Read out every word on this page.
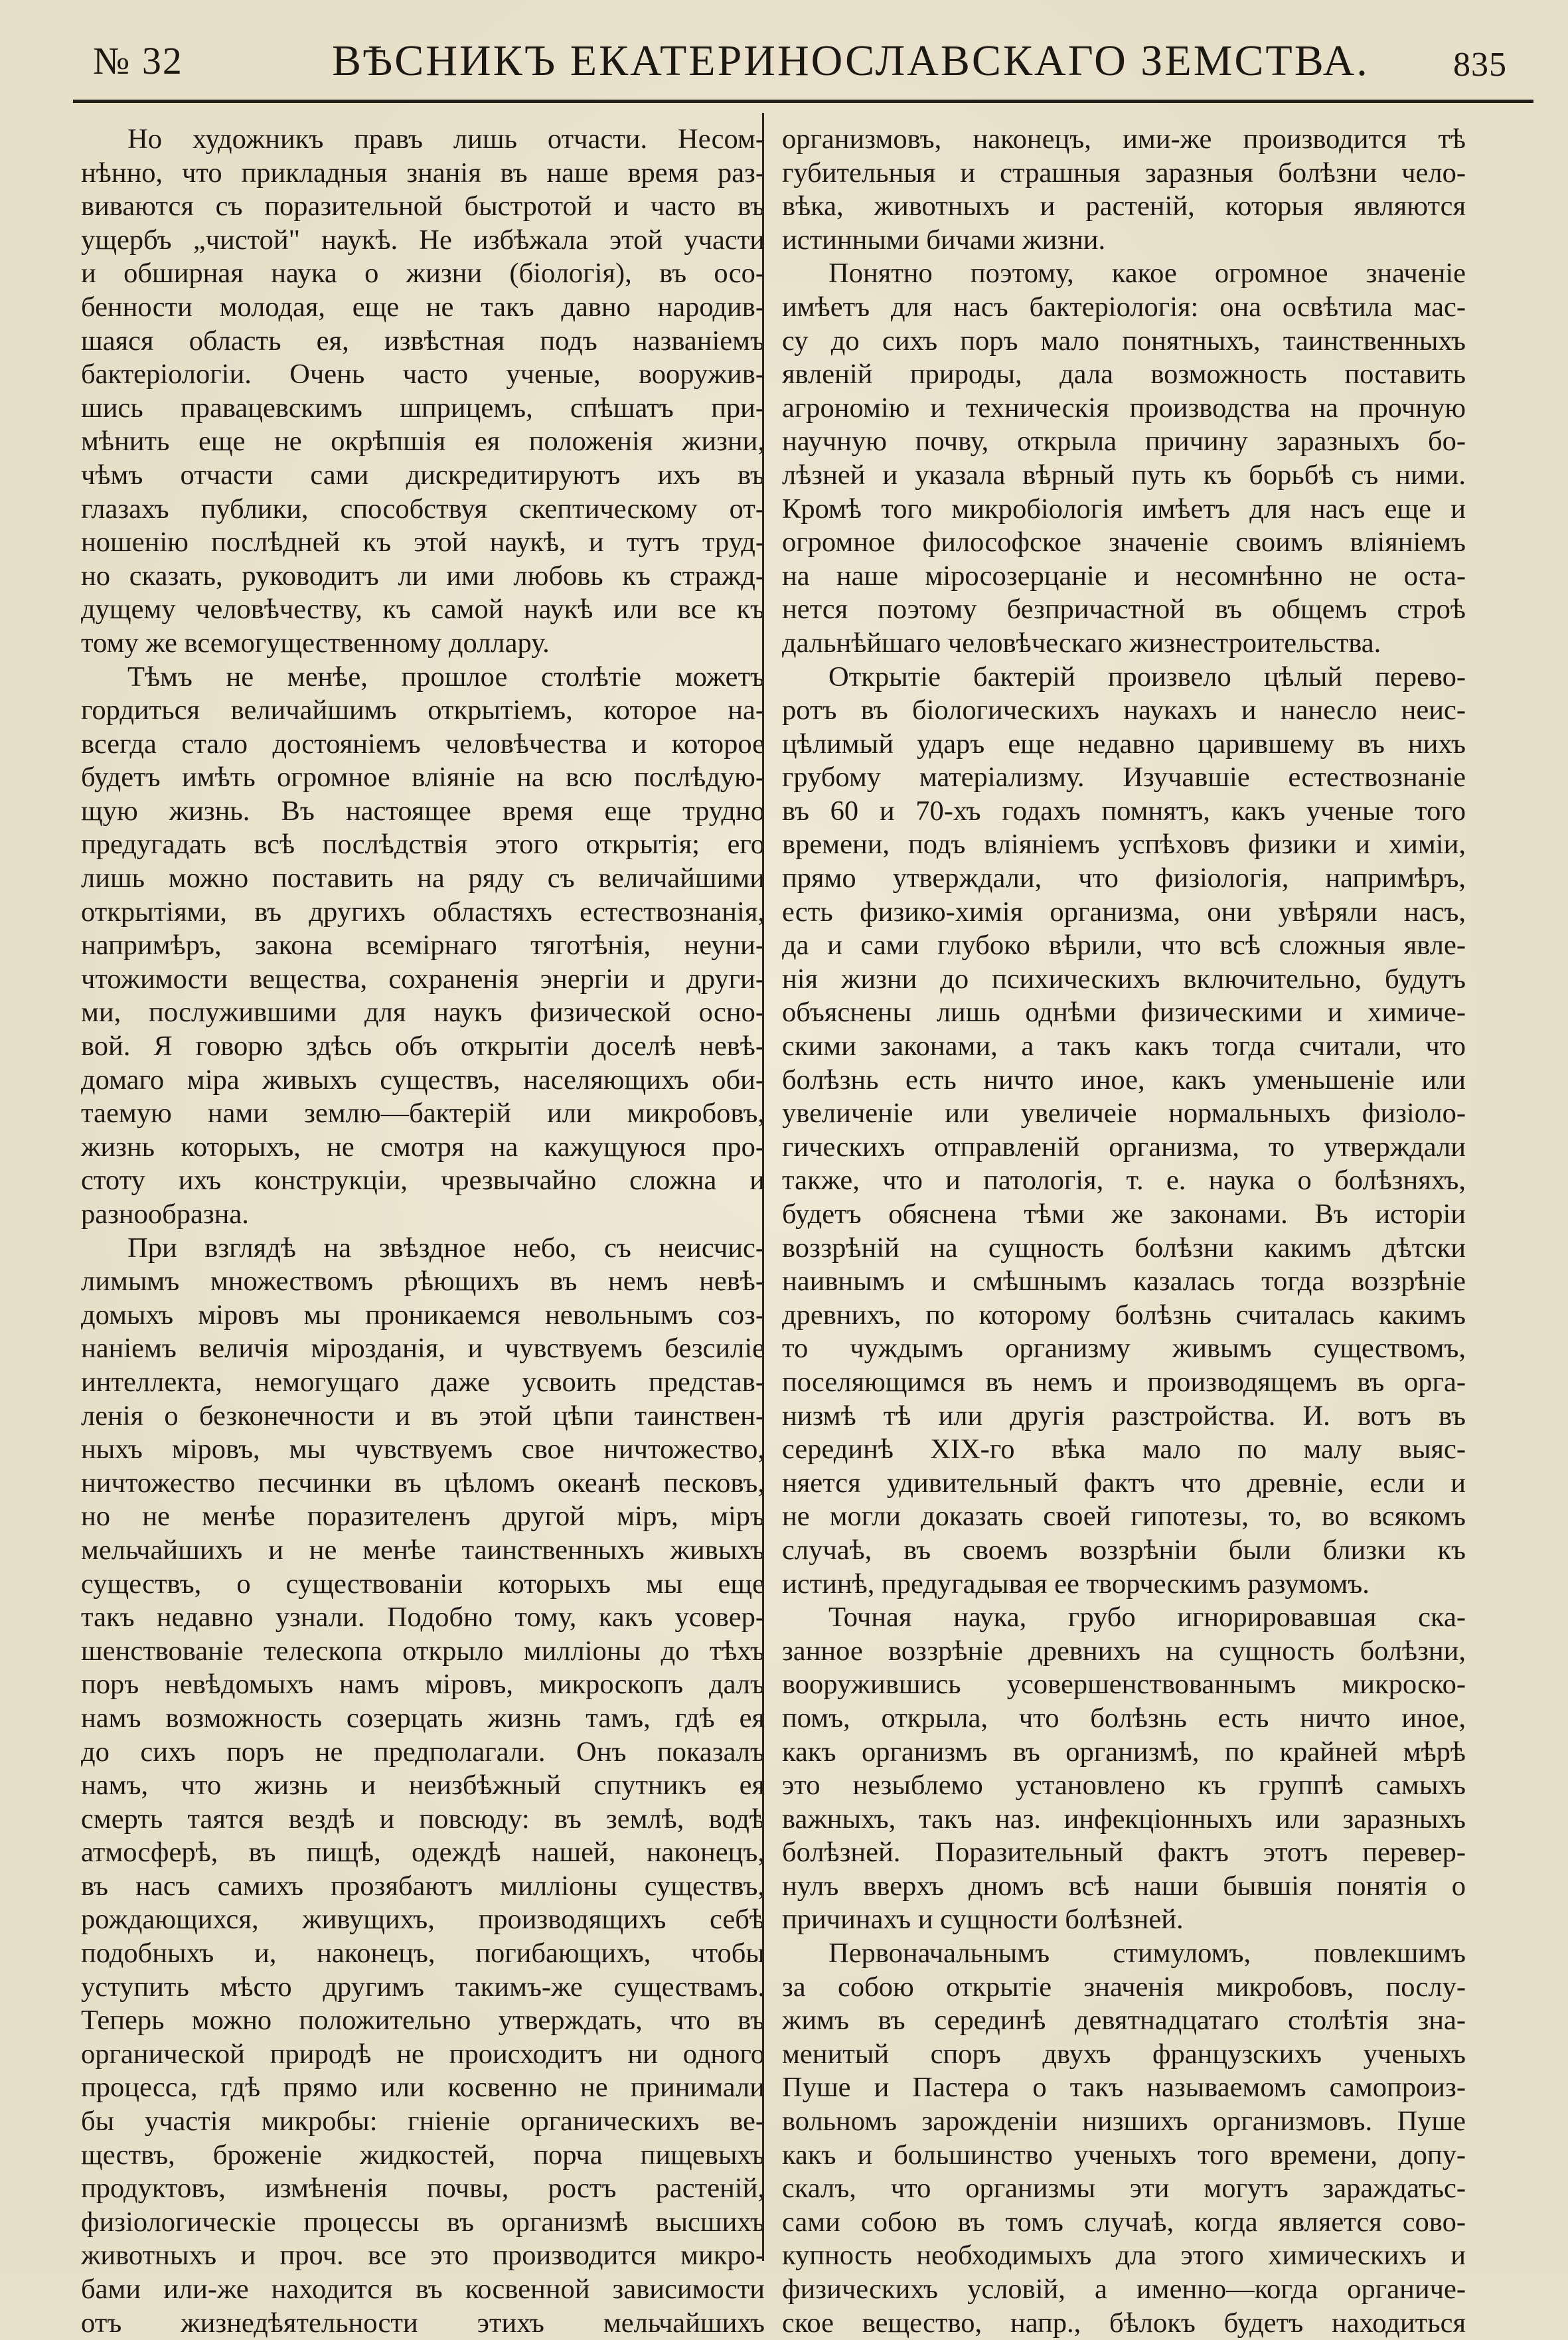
№ 32	ВѢСНИКЪ ЕКАТЕРИНОСЛАВСКАГО ЗЕМСТВА. 835
Но художникъ правъ лишь отчасти. Несом-
нѣнно, что прикладныя знанія въ наше время раз-
виваются съ поразительной быстротой и часто въ
ущербъ „чистой" наукѣ. Не избѣжала этой участи
и обширная наука о жизни (біологія), въ осо-
бенности молодая, еще не такъ давно народив-
шаяся область ея, извѣстная подъ названіемъ
бактеріологіи. Очень часто ученые, вооружив-
шись правацевскимъ шприцемъ, спѣшатъ при-
мѣнить еще не окрѣпшія ея положенія жизни,
чѣмъ отчасти сами дискредитируютъ ихъ въ
глазахъ публики, способствуя скептическому от-
ношенію послѣдней къ этой наукѣ, и тутъ труд-
но сказать, руководитъ ли ими любовь къ стражд-
дущему человѣчеству, къ самой наукѣ или все къ
тому же всемогущественному доллару.
Тѣмъ не менѣе, прошлое столѣтіе можетъ
гордиться величайшимъ открытіемъ, которое на-
всегда стало достояніемъ человѣчества и которое
будетъ имѣть огромное вліяніе на всю послѣдую-
щую жизнь. Въ настоящее время еще трудно
предугадать всѣ послѣдствія этого открытія; его
лишь можно поставить на ряду съ величайшими
открытіями, въ другихъ областяхъ естествознанія,
напримѣръ, закона всемірнаго тяготѣнія, неуни-
чтожимости вещества, сохраненія энергіи и други-
ми, послужившими для наукъ физической осно-
вой. Я говорю здѣсь объ открытіи доселѣ невѣ-
домаго міра живыхъ существъ, населяющихъ оби-
таемую нами землю—бактерій или микробовъ,
жизнь которыхъ, не смотря на кажущуюся про-
стоту ихъ конструкціи, чрезвычайно сложна и
разнообразна.
При взглядѣ на звѣздное небо, съ неисчис-
лимымъ множествомъ рѣющихъ въ немъ невѣ-
домыхъ міровъ мы проникаемся невольнымъ соз-
наніемъ величія мірозданія, и чувствуемъ безсиліе
интеллекта, немогущаго даже усвоить представ-
ленія о безконечности и въ этой цѣпи таинствен-
ныхъ міровъ, мы чувствуемъ свое ничтожество,
ничтожество песчинки въ цѣломъ океанѣ песковъ,
но не менѣе поразителенъ другой міръ, міръ
мельчайшихъ и не менѣе таинственныхъ живыхъ
существъ, о существованіи которыхъ мы еще
такъ недавно узнали. Подобно тому, какъ усовер-
шенствованіе телескопа открыло милліоны до тѣхъ
поръ невѣдомыхъ намъ міровъ, микроскопъ далъ
намъ возможность созерцать жизнь тамъ, гдѣ ея
до сихъ поръ не предполагали. Онъ показалъ
намъ, что жизнь и неизбѣжный спутникъ ея
смерть таятся вездѣ и повсюду: въ землѣ, водѣ
атмосферѣ, въ пищѣ, одеждѣ нашей, наконецъ,
въ насъ самихъ прозябаютъ милліоны существъ,
рождающихся, живущихъ, производящихъ себѣ
подобныхъ и, наконецъ, погибающихъ, чтобы
уступить мѣсто другимъ такимъ-же существамъ.
Теперь можно положительно утверждать, что въ
органической природѣ не происходитъ ни одного
процесса, гдѣ прямо или косвенно не принимали
бы участія микробы: гніеніе органическихъ ве-
ществъ, броженіе жидкостей, порча пищевыхъ
продуктовъ, измѣненія почвы, ростъ растеній,
физіологическіе процессы въ организмѣ высшихъ
животныхъ и проч. все это производится микро-
бами или-же находится въ косвенной зависимости
отъ жизнедѣятельности этихъ мельчайшихъ
организмовъ, наконецъ, ими-же производится тѣ
губительныя и страшныя заразныя болѣзни чело-
вѣка, животныхъ и растеній, которыя являются
истинными бичами жизни.
Понятно поэтому, какое огромное значеніе
имѣетъ для насъ бактеріологія: она освѣтила мас-
су до сихъ поръ мало понятныхъ, таинственныхъ
явленій природы, дала возможность поставить
агрономію и техническія производства на прочную
научную почву, открыла причину заразныхъ бо-
лѣзней и указала вѣрный путь къ борьбѣ съ ними.
Кромѣ того микробіологія имѣетъ для насъ еще и
огромное философское значеніе своимъ вліяніемъ
на наше міросозерцаніе и несомнѣнно не оста-
нется поэтому безпричастной въ общемъ строѣ
дальнѣйшаго человѣческаго жизнестроительства.
Открытіе бактерій произвело цѣлый перево-
ротъ въ біологическихъ наукахъ и нанесло неис-
цѣлимый ударъ еще недавно царившему въ нихъ
грубому матеріализму. Изучавшіе естествознаніе
въ 60 и 70-хъ годахъ помнятъ, какъ ученые того
времени, подъ вліяніемъ успѣховъ физики и химіи,
прямо утверждали, что физіологія, напримѣръ,
есть физико-химія организма, они увѣряли насъ,
да и сами глубоко вѣрили, что всѣ сложныя явле-
нія жизни до психическихъ включительно, будутъ
объяснены лишь однѣми физическими и химиче-
скими законами, а такъ какъ тогда считали, что
болѣзнь есть ничто иное, какъ уменьшеніе или
увеличеніе или увеличеіе нормальныхъ физіоло-
гическихъ отправленій организма, то утверждали
также, что и патологія, т. е. наука о болѣзняхъ,
будетъ обяснена тѣми же законами. Въ исторіи
воззрѣній на сущность болѣзни какимъ дѣтски
наивнымъ и смѣшнымъ казалась тогда воззрѣніе
древнихъ, по которому болѣзнь считалась какимъ
то чуждымъ организму живымъ существомъ,
поселяющимся въ немъ и производящемъ въ орга-
низмѣ тѣ или другія разстройства. И. вотъ въ
серединѣ XIX-го вѣка мало по малу выяс-
няется удивительный фактъ что древніе, если и
не могли доказать своей гипотезы, то, во всякомъ
случаѣ, въ своемъ воззрѣніи были близки къ
истинѣ, предугадывая ее творческимъ разумомъ.
Точная наука, грубо игнорировавшая ска-
занное воззрѣніе древнихъ на сущность болѣзни,
вооружившись усовершенствованнымъ микроско-
помъ, открыла, что болѣзнь есть ничто иное,
какъ организмъ въ организмѣ, по крайней мѣрѣ
это незыблемо установлено къ группѣ самыхъ
важныхъ, такъ наз. инфекціонныхъ или заразныхъ
болѣзней. Поразительный фактъ этотъ перевер-
нулъ вверхъ дномъ всѣ наши бывшія понятія о
причинахъ и сущности болѣзней.
Первоначальнымъ стимуломъ, повлекшимъ
за собою открытіе значенія микробовъ, послу-
жимъ въ серединѣ девятнадцатаго столѣтія зна-
менитый споръ двухъ французскихъ ученыхъ
Пуше и Пастера о такъ называемомъ самопроиз-
вольномъ зарожденіи низшихъ организмовъ. Пуше
какъ и большинство ученыхъ того времени, допу-
скалъ, что организмы эти могутъ зараждатьс-
сами собою въ томъ случаѣ, когда является сово-
купность необходимыхъ дла этого химическихъ и
физическихъ условій, а именно—когда органиче-
ское вещество, напр., бѣлокъ будетъ находиться
